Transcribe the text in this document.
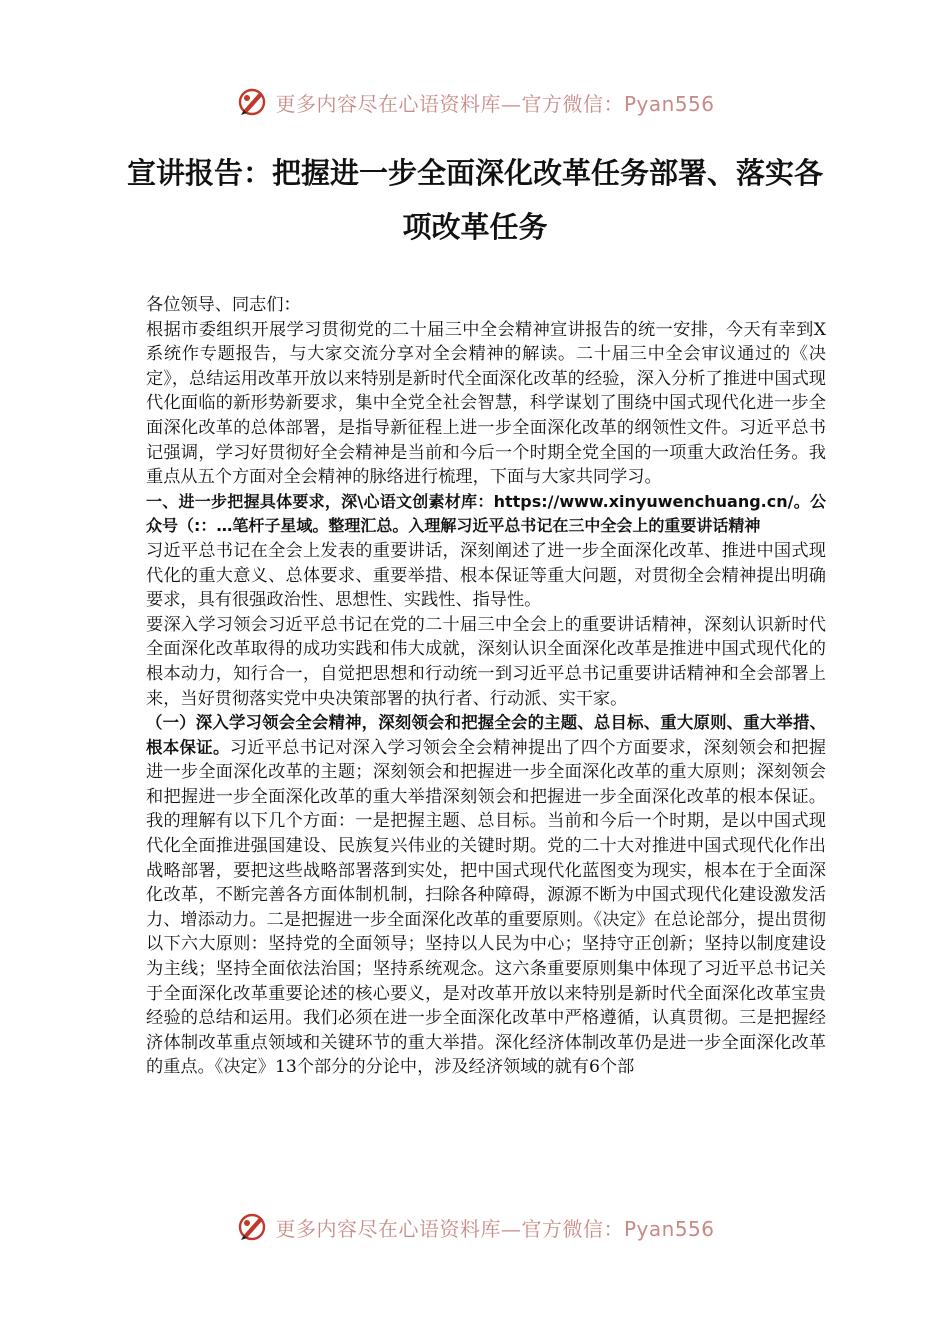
更多内容尽在心语资料库—官方微信：Pyan556
宣讲报告：把握进一步全面深化改革任务部署、落实各项改革任务

各位领导、同志们：

根据市委组织开展学习贯彻党的二十届三中全会精神宣讲报告的统一安排，今天有幸到X系统作专题报告，与大家交流分享对全会精神的解读。二十届三中全会审议通过的《决定》，总结运用改革开放以来特别是新时代全面深化改革的经验，深入分析了推进中国式现代化面临的新形势新要求，集中全党全社会智慧，科学谋划了围绕中国式现代化进一步全面深化改革的总体部署，是指导新征程上进一步全面深化改革的纲领性文件。习近平总书记强调，学习好贯彻好全会精神是当前和今后一个时期全党全国的一项重大政治任务。我重点从五个方面对全会精神的脉络进行梳理，下面与大家共同学习。

一、进一步把握具体要求，深\心语文创素材库：https://www.xinyuwenchuang.cn/。公众号（:：…笔杆子星域。整理汇总。入理解习近平总书记在三中全会上的重要讲话精神

习近平总书记在全会上发表的重要讲话，深刻阐述了进一步全面深化改革、推进中国式现代化的重大意义、总体要求、重要举措、根本保证等重大问题，对贯彻全会精神提出明确要求，具有很强政治性、思想性、实践性、指导性。

要深入学习领会习近平总书记在党的二十届三中全会上的重要讲话精神，深刻认识新时代全面深化改革取得的成功实践和伟大成就，深刻认识全面深化改革是推进中国式现代化的根本动力，知行合一，自觉把思想和行动统一到习近平总书记重要讲话精神和全会部署上来，当好贯彻落实党中央决策部署的执行者、行动派、实干家。

（一）深入学习领会全会精神，深刻领会和把握全会的主题、总目标、重大原则、重大举措、根本保证。习近平总书记对深入学习领会全会精神提出了四个方面要求，深刻领会和把握进一步全面深化改革的主题；深刻领会和把握进一步全面深化改革的重大原则；深刻领会和把握进一步全面深化改革的重大举措深刻领会和把握进一步全面深化改革的根本保证。我的理解有以下几个方面：一是把握主题、总目标。当前和今后一个时期，是以中国式现代化全面推进强国建设、民族复兴伟业的关键时期。党的二十大对推进中国式现代化作出战略部署，要把这些战略部署落到实处，把中国式现代化蓝图变为现实，根本在于全面深化改革，不断完善各方面体制机制，扫除各种障碍，源源不断为中国式现代化建设激发活力、增添动力。二是把握进一步全面深化改革的重要原则。《决定》在总论部分，提出贯彻以下六大原则：坚持党的全面领导；坚持以人民为中心；坚持守正创新；坚持以制度建设为主线；坚持全面依法治国；坚持系统观念。这六条重要原则集中体现了习近平总书记关于全面深化改革重要论述的核心要义，是对改革开放以来特别是新时代全面深化改革宝贵经验的总结和运用。我们必须在进一步全面深化改革中严格遵循，认真贯彻。三是把握经济体制改革重点领域和关键环节的重大举措。深化经济体制改革仍是进一步全面深化改革的重点。《决定》13个部分的分论中，涉及经济领域的就有6个部

更多内容尽在心语资料库—官方微信：Pyan556
